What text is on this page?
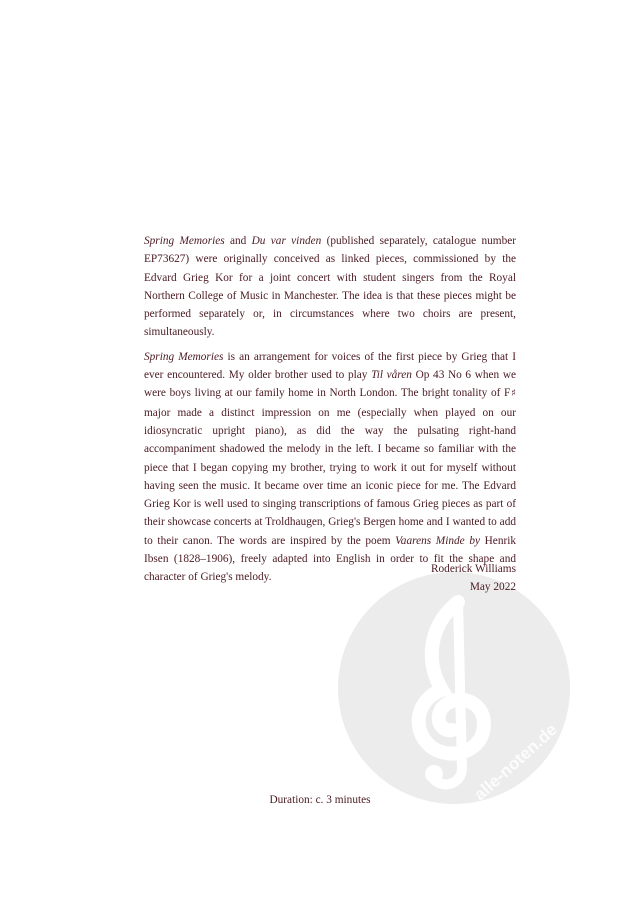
alle-noten.de

Spring Memories and Du var vinden (published separately, catalogue number EP73627) were originally conceived as linked pieces, commissioned by the Edvard Grieg Kor for a joint concert with student singers from the Royal Northern College of Music in Manchester. The idea is that these pieces might be performed separately or, in circumstances where two choirs are present, simultaneously.

Spring Memories is an arrangement for voices of the first piece by Grieg that I ever encountered. My older brother used to play Til våren Op 43 No 6 when we were boys living at our family home in North London. The bright tonality of F♯ major made a distinct impression on me (especially when played on our idiosyncratic upright piano), as did the way the pulsating right-hand accompaniment shadowed the melody in the left. I became so familiar with the piece that I began copying my brother, trying to work it out for myself without having seen the music. It became over time an iconic piece for me. The Edvard Grieg Kor is well used to singing transcriptions of famous Grieg pieces as part of their showcase concerts at Troldhaugen, Grieg's Bergen home and I wanted to add to their canon. The words are inspired by the poem Vaarens Minde by Henrik Ibsen (1828–1906), freely adapted into English in order to fit the shape and character of Grieg's melody.

Roderick Williams
May 2022
Duration: c. 3 minutes
